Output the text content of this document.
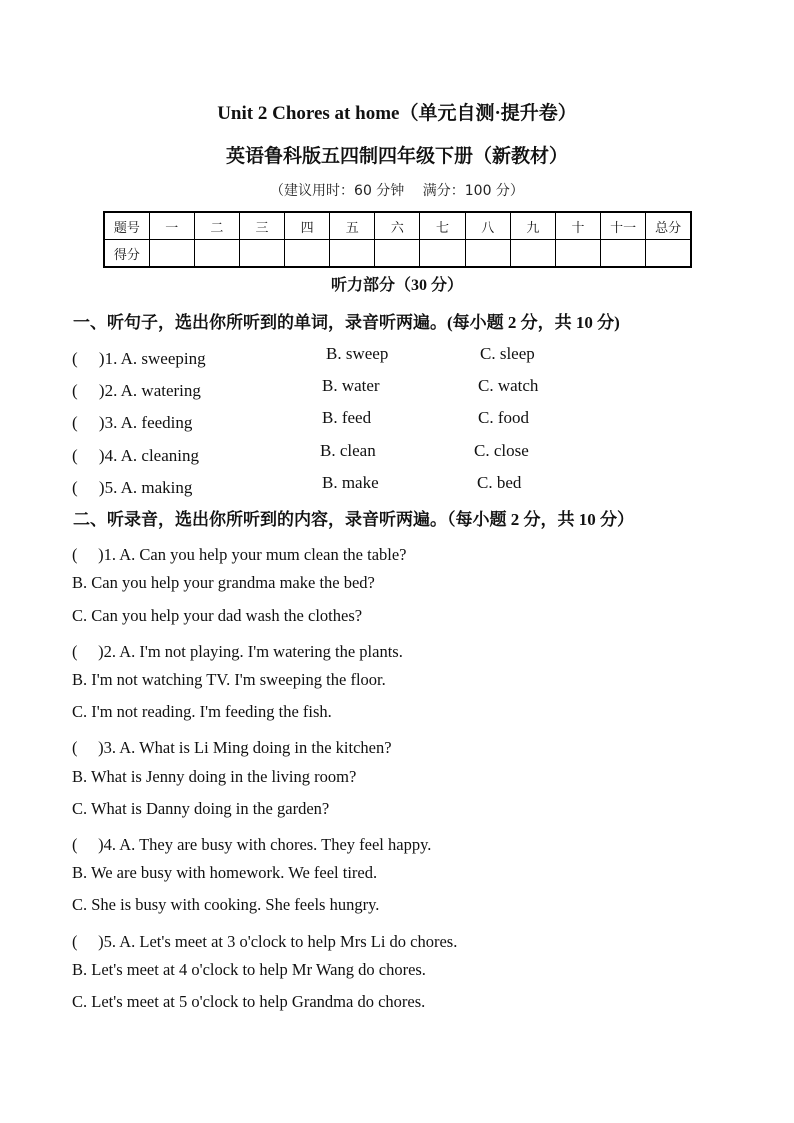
Unit 2 Chores at home（单元自测·提升卷）
英语鲁科版五四制四年级下册（新教材）
（建议用时：60 分钟　 满分：100 分）
题号	一	二	三	四	五	六	七	八	九	十	十一	总分
得分												
听力部分（30 分）
一、听句子，选出你所听到的单词，录音听两遍。(每小题 2 分，共 10 分)
(　 )1. A. sweeping	B. sweep	C. sleep
(　 )2. A. watering	B. water	C. watch
(　 )3. A. feeding	B. feed	C. food
(　 )4. A. cleaning	B. clean	C. close
(　 )5. A. making	B. make	C. bed
二、听录音，选出你所听到的内容，录音听两遍。（每小题 2 分，共 10 分）
(　 )1. A. Can you help your mum clean the table?
B. Can you help your grandma make the bed?
C. Can you help your dad wash the clothes?
(　 )2. A. I'm not playing. I'm watering the plants.
B. I'm not watching TV. I'm sweeping the floor.
C. I'm not reading. I'm feeding the fish.
(　 )3. A. What is Li Ming doing in the kitchen?
B. What is Jenny doing in the living room?
C. What is Danny doing in the garden?
(　 )4. A. They are busy with chores. They feel happy.
B. We are busy with homework. We feel tired.
C. She is busy with cooking. She feels hungry.
(　 )5. A. Let's meet at 3 o'clock to help Mrs Li do chores.
B. Let's meet at 4 o'clock to help Mr Wang do chores.
C. Let's meet at 5 o'clock to help Grandma do chores.
